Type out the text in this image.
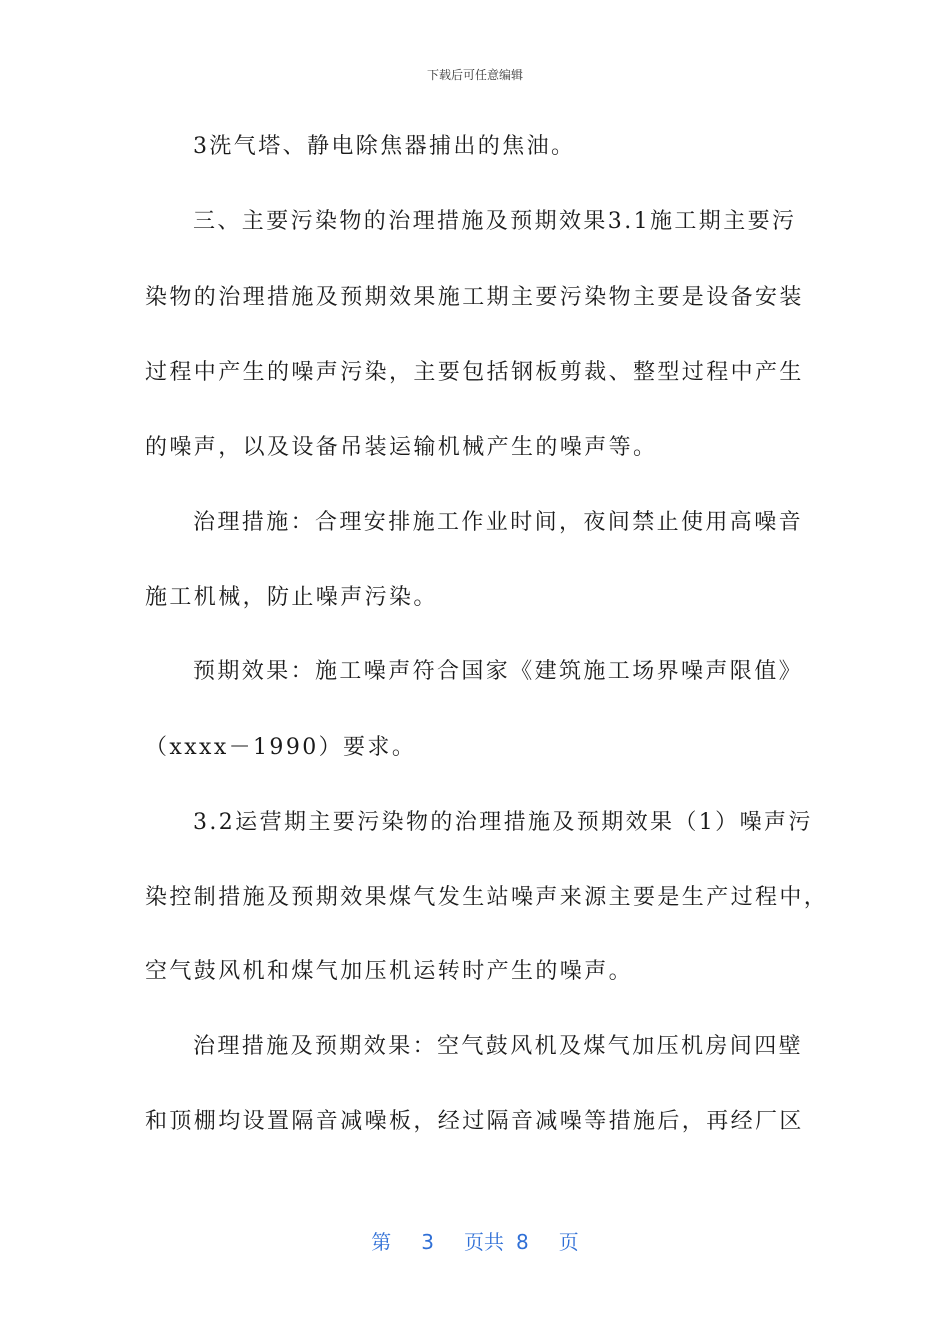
下载后可任意编辑
3洗气塔、静电除焦器捕出的焦油。
三、主要污染物的治理措施及预期效果3.1施工期主要污
染物的治理措施及预期效果施工期主要污染物主要是设备安装
过程中产生的噪声污染，主要包括钢板剪裁、整型过程中产生
的噪声，以及设备吊装运输机械产生的噪声等。
治理措施：合理安排施工作业时间，夜间禁止使用高噪音
施工机械，防止噪声污染。
预期效果：施工噪声符合国家《建筑施工场界噪声限值》
（xxxx－1990）要求。
3.2运营期主要污染物的治理措施及预期效果（1）噪声污
染控制措施及预期效果煤气发生站噪声来源主要是生产过程中，
空气鼓风机和煤气加压机运转时产生的噪声。
治理措施及预期效果：空气鼓风机及煤气加压机房间四壁
和顶棚均设置隔音减噪板，经过隔音减噪等措施后，再经厂区
第 3 页共 8 页
